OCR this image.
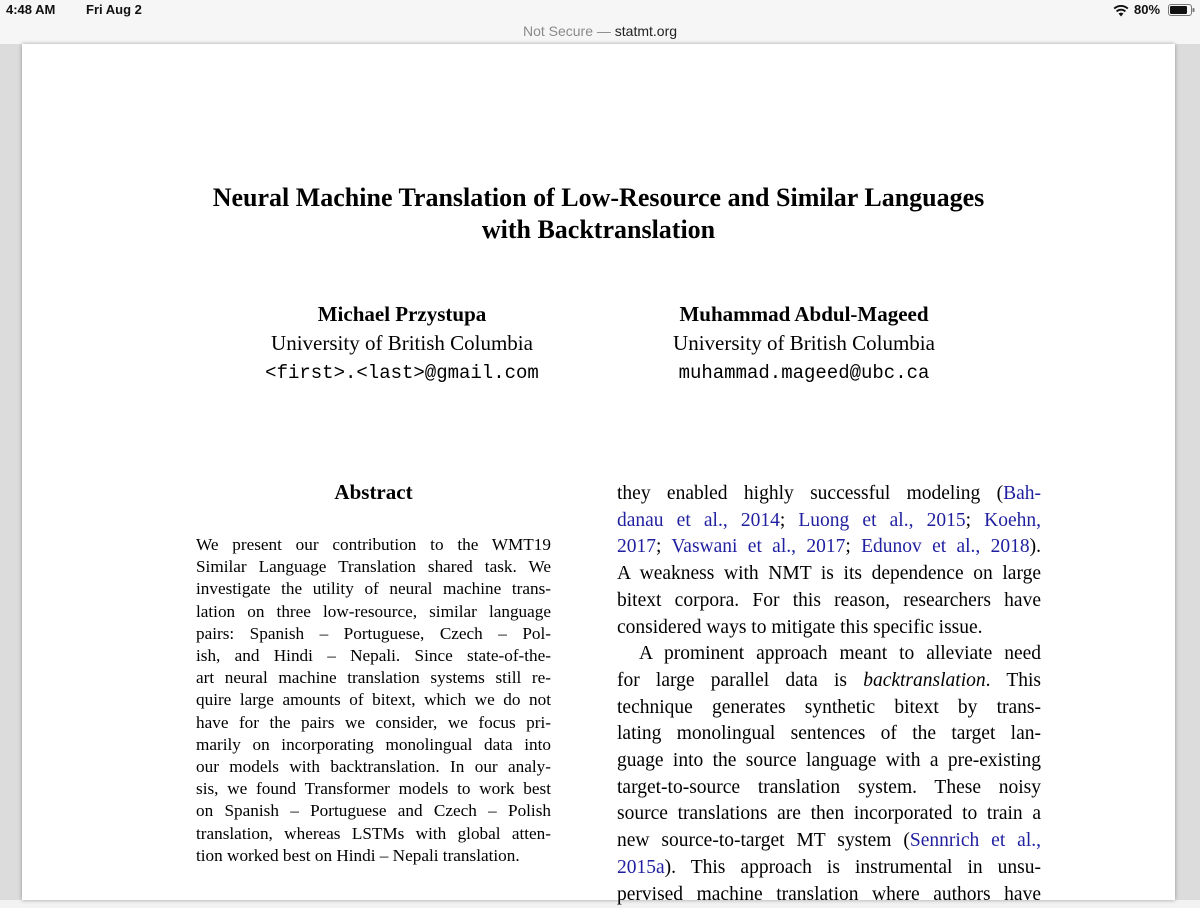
4:48 AM Fri Aug 2	80%
Not Secure — statmt.org
Neural Machine Translation of Low-Resource and Similar Languages
with Backtranslation
Michael Przystupa
University of British Columbia
<first>.<last>@gmail.com
Muhammad Abdul-Mageed
University of British Columbia
muhammad.mageed@ubc.ca
Abstract
We present our contribution to the WMT19
Similar Language Translation shared task. We
investigate the utility of neural machine trans-
lation on three low-resource, similar language
pairs: Spanish – Portuguese, Czech – Pol-
ish, and Hindi – Nepali. Since state-of-the-
art neural machine translation systems still re-
quire large amounts of bitext, which we do not
have for the pairs we consider, we focus pri-
marily on incorporating monolingual data into
our models with backtranslation. In our analy-
sis, we found Transformer models to work best
on Spanish – Portuguese and Czech – Polish
translation, whereas LSTMs with global atten-
tion worked best on Hindi – Nepali translation.
they enabled highly successful modeling (Bah-
danau et al., 2014; Luong et al., 2015; Koehn,
2017; Vaswani et al., 2017; Edunov et al., 2018).
A weakness with NMT is its dependence on large
bitext corpora. For this reason, researchers have
considered ways to mitigate this specific issue.
A prominent approach meant to alleviate need
for large parallel data is backtranslation. This
technique generates synthetic bitext by trans-
lating monolingual sentences of the target lan-
guage into the source language with a pre-existing
target-to-source translation system. These noisy
source translations are then incorporated to train a
new source-to-target MT system (Sennrich et al.,
2015a). This approach is instrumental in unsu-
pervised machine translation where authors have
